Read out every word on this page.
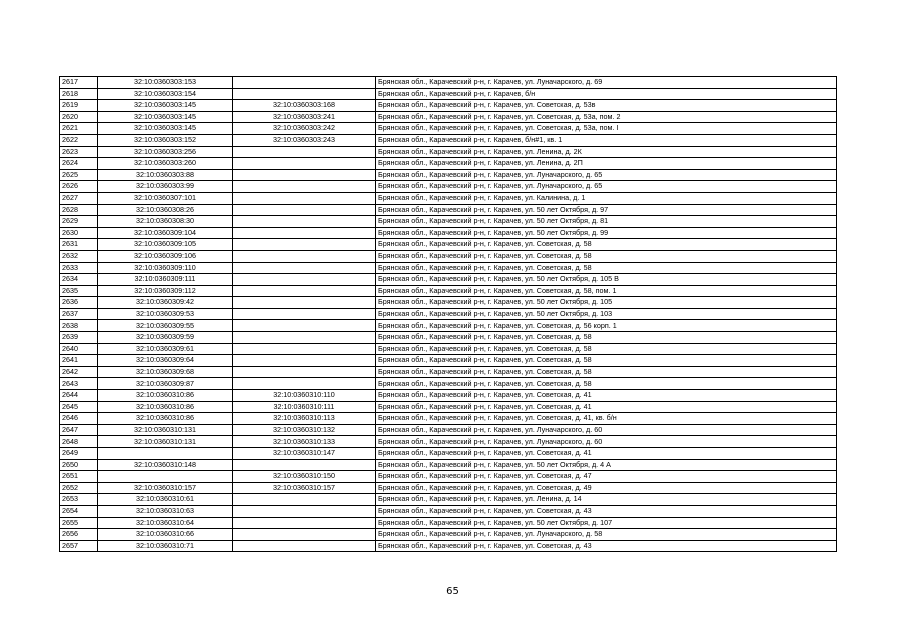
2617	32:10:0360303:153		Брянская обл., Карачевский р-н, г. Карачев, ул. Луначарского, д. 69
2618	32:10:0360303:154		Брянская обл., Карачевский р-н, г. Карачев, б/н
2619	32:10:0360303:145	32:10:0360303:168	Брянская обл., Карачевский р-н, г. Карачев, ул. Советская, д. 53в
2620	32:10:0360303:145	32:10:0360303:241	Брянская обл., Карачевский р-н, г. Карачев, ул. Советская, д. 53а, пом. 2
2621	32:10:0360303:145	32:10:0360303:242	Брянская обл., Карачевский р-н, г. Карачев, ул. Советская, д. 53а, пом. I
2622	32:10:0360303:152	32:10:0360303:243	Брянская обл., Карачевский р-н, г. Карачев, б/н#1, кв. 1
2623	32:10:0360303:256		Брянская обл., Карачевский р-н, г. Карачев, ул. Ленина, д. 2К
2624	32:10:0360303:260		Брянская обл., Карачевский р-н, г. Карачев, ул. Ленина, д. 2П
2625	32:10:0360303:88		Брянская обл., Карачевский р-н, г. Карачев, ул. Луначарского, д. 65
2626	32:10:0360303:99		Брянская обл., Карачевский р-н, г. Карачев, ул. Луначарского, д. 65
2627	32:10:0360307:101		Брянская обл., Карачевский р-н, г. Карачев, ул. Калинина, д. 1
2628	32:10:0360308:26		Брянская обл., Карачевский р-н, г. Карачев, ул. 50 лет Октября, д. 97
2629	32:10:0360308:30		Брянская обл., Карачевский р-н, г. Карачев, ул. 50 лет Октября, д. 81
2630	32:10:0360309:104		Брянская обл., Карачевский р-н, г. Карачев, ул. 50 лет Октября, д. 99
2631	32:10:0360309:105		Брянская обл., Карачевский р-н, г. Карачев, ул. Советская, д. 58
2632	32:10:0360309:106		Брянская обл., Карачевский р-н, г. Карачев, ул. Советская, д. 58
2633	32:10:0360309:110		Брянская обл., Карачевский р-н, г. Карачев, ул. Советская, д. 58
2634	32:10:0360309:111		Брянская обл., Карачевский р-н, г. Карачев, ул. 50 лет Октября, д. 105 В
2635	32:10:0360309:112		Брянская обл., Карачевский р-н, г. Карачев, ул. Советская, д. 58, пом. 1
2636	32:10:0360309:42		Брянская обл., Карачевский р-н, г. Карачев, ул. 50 лет Октября, д. 105
2637	32:10:0360309:53		Брянская обл., Карачевский р-н, г. Карачев, ул. 50 лет Октября, д. 103
2638	32:10:0360309:55		Брянская обл., Карачевский р-н, г. Карачев, ул. Советская, д. 56 корп. 1
2639	32:10:0360309:59		Брянская обл., Карачевский р-н, г. Карачев, ул. Советская, д. 58
2640	32:10:0360309:61		Брянская обл., Карачевский р-н, г. Карачев, ул. Советская, д. 58
2641	32:10:0360309:64		Брянская обл., Карачевский р-н, г. Карачев, ул. Советская, д. 58
2642	32:10:0360309:68		Брянская обл., Карачевский р-н, г. Карачев, ул. Советская, д. 58
2643	32:10:0360309:87		Брянская обл., Карачевский р-н, г. Карачев, ул. Советская, д. 58
2644	32:10:0360310:86	32:10:0360310:110	Брянская обл., Карачевский р-н, г. Карачев, ул. Советская, д. 41
2645	32:10:0360310:86	32:10:0360310:111	Брянская обл., Карачевский р-н, г. Карачев, ул. Советская, д. 41
2646	32:10:0360310:86	32:10:0360310:113	Брянская обл., Карачевский р-н, г. Карачев, ул. Советская, д. 41, кв. б/н
2647	32:10:0360310:131	32:10:0360310:132	Брянская обл., Карачевский р-н, г. Карачев, ул. Луначарского, д. 60
2648	32:10:0360310:131	32:10:0360310:133	Брянская обл., Карачевский р-н, г. Карачев, ул. Луначарского, д. 60
2649		32:10:0360310:147	Брянская обл., Карачевский р-н, г. Карачев, ул. Советская, д. 41
2650	32:10:0360310:148		Брянская обл., Карачевский р-н, г. Карачев, ул. 50 лет Октября, д. 4 А
2651		32:10:0360310:150	Брянская обл., Карачевский р-н, г. Карачев, ул. Советская, д. 47
2652	32:10:0360310:157	32:10:0360310:157	Брянская обл., Карачевский р-н, г. Карачев, ул. Советская, д. 49
2653	32:10:0360310:61		Брянская обл., Карачевский р-н, г. Карачев, ул. Ленина, д. 14
2654	32:10:0360310:63		Брянская обл., Карачевский р-н, г. Карачев, ул. Советская, д. 43
2655	32:10:0360310:64		Брянская обл., Карачевский р-н, г. Карачев, ул. 50 лет Октября, д. 107
2656	32:10:0360310:66		Брянская обл., Карачевский р-н, г. Карачев, ул. Луначарского, д. 58
2657	32:10:0360310:71		Брянская обл., Карачевский р-н, г. Карачев, ул. Советская, д. 43
65
